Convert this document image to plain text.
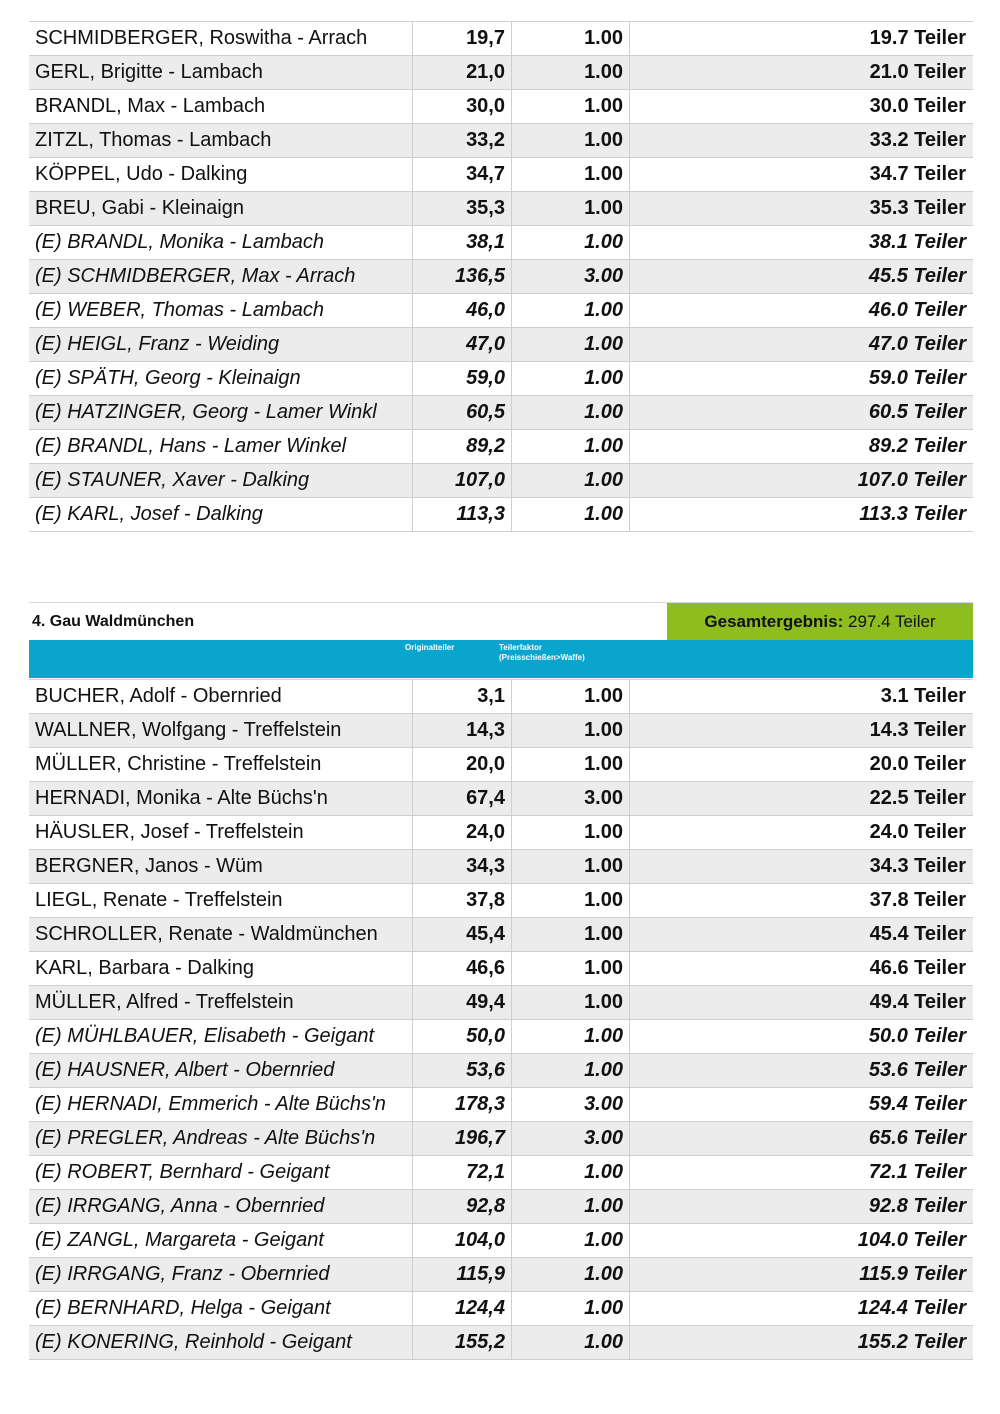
SCHMIDBERGER, Roswitha - Arrach	19,7	1.00	19.7 Teiler
GERL, Brigitte - Lambach	21,0	1.00	21.0 Teiler
BRANDL, Max - Lambach	30,0	1.00	30.0 Teiler
ZITZL, Thomas - Lambach	33,2	1.00	33.2 Teiler
KÖPPEL, Udo - Dalking	34,7	1.00	34.7 Teiler
BREU, Gabi - Kleinaign	35,3	1.00	35.3 Teiler
(E) BRANDL, Monika - Lambach	38,1	1.00	38.1 Teiler
(E) SCHMIDBERGER, Max - Arrach	136,5	3.00	45.5 Teiler
(E) WEBER, Thomas - Lambach	46,0	1.00	46.0 Teiler
(E) HEIGL, Franz - Weiding	47,0	1.00	47.0 Teiler
(E) SPÄTH, Georg - Kleinaign	59,0	1.00	59.0 Teiler
(E) HATZINGER, Georg - Lamer Winkl	60,5	1.00	60.5 Teiler
(E) BRANDL, Hans - Lamer Winkel	89,2	1.00	89.2 Teiler
(E) STAUNER, Xaver - Dalking	107,0	1.00	107.0 Teiler
(E) KARL, Josef - Dalking	113,3	1.00	113.3 Teiler
4. Gau Waldmünchen	Gesamtergebnis: 297.4 Teiler
Originalteiler	Teilerfaktor
(Preisschießen>Waffe)
BUCHER, Adolf - Obernried	3,1	1.00	3.1 Teiler
WALLNER, Wolfgang - Treffelstein	14,3	1.00	14.3 Teiler
MÜLLER, Christine - Treffelstein	20,0	1.00	20.0 Teiler
HERNADI, Monika - Alte Büchs'n	67,4	3.00	22.5 Teiler
HÄUSLER, Josef - Treffelstein	24,0	1.00	24.0 Teiler
BERGNER, Janos - Wüm	34,3	1.00	34.3 Teiler
LIEGL, Renate - Treffelstein	37,8	1.00	37.8 Teiler
SCHROLLER, Renate - Waldmünchen	45,4	1.00	45.4 Teiler
KARL, Barbara - Dalking	46,6	1.00	46.6 Teiler
MÜLLER, Alfred - Treffelstein	49,4	1.00	49.4 Teiler
(E) MÜHLBAUER, Elisabeth - Geigant	50,0	1.00	50.0 Teiler
(E) HAUSNER, Albert - Obernried	53,6	1.00	53.6 Teiler
(E) HERNADI, Emmerich - Alte Büchs'n	178,3	3.00	59.4 Teiler
(E) PREGLER, Andreas - Alte Büchs'n	196,7	3.00	65.6 Teiler
(E) ROBERT, Bernhard - Geigant	72,1	1.00	72.1 Teiler
(E) IRRGANG, Anna - Obernried	92,8	1.00	92.8 Teiler
(E) ZANGL, Margareta - Geigant	104,0	1.00	104.0 Teiler
(E) IRRGANG, Franz - Obernried	115,9	1.00	115.9 Teiler
(E) BERNHARD, Helga - Geigant	124,4	1.00	124.4 Teiler
(E) KONERING, Reinhold - Geigant	155,2	1.00	155.2 Teiler
